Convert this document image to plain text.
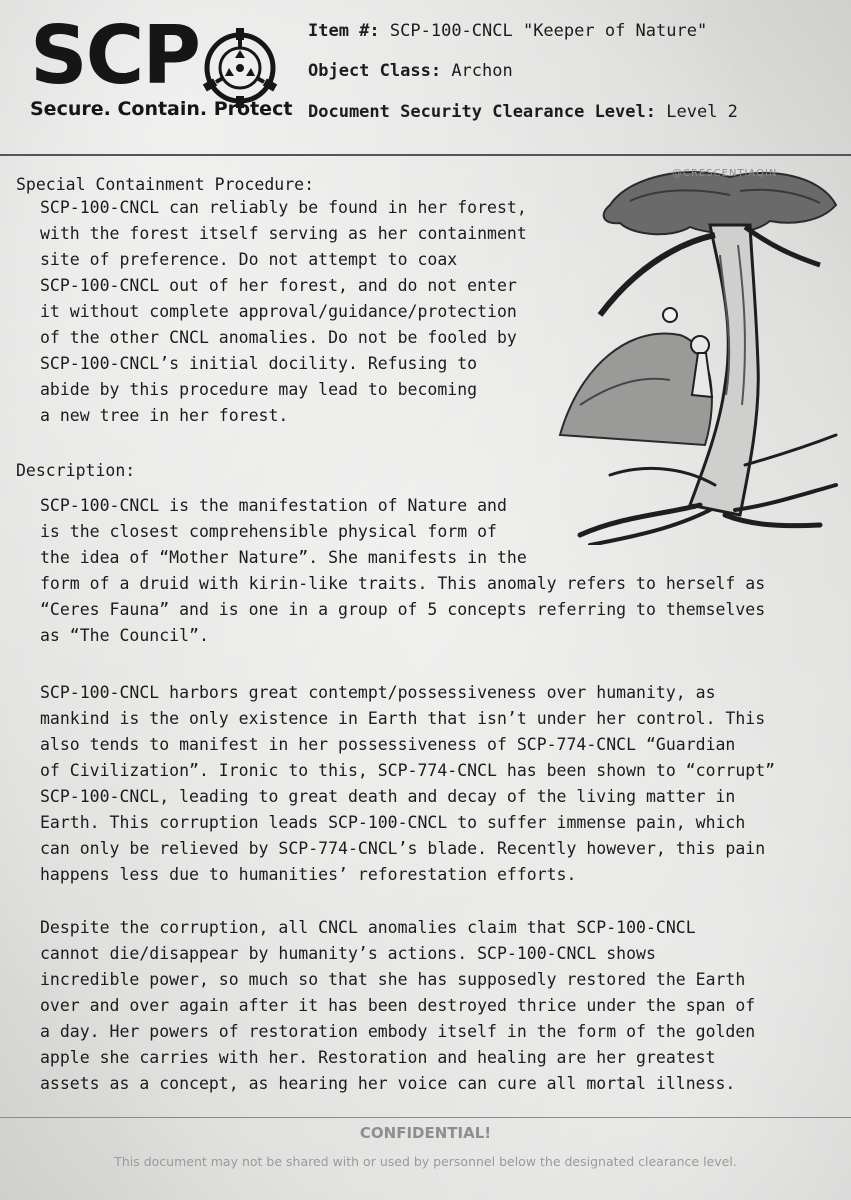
SCP
Secure. Contain. Protect
Item #: SCP-100-CNCL "Keeper of Nature"
Object Class: Archon
Document Security Clearance Level: Level 2
@CRESCENTIAQIN
Special Containment Procedure:
SCP-100-CNCL can reliably be found in her forest,
with the forest itself serving as her containment
site of preference. Do not attempt to coax
SCP-100-CNCL out of her forest, and do not enter
it without complete approval/guidance/protection
of the other CNCL anomalies. Do not be fooled by
SCP-100-CNCL’s initial docility. Refusing to
abide by this procedure may lead to becoming
a new tree in her forest.
Description:
SCP-100-CNCL is the manifestation of Nature and
is the closest comprehensible physical form of
the idea of “Mother Nature”. She manifests in the
form of a druid with kirin-like traits. This anomaly refers to herself as
“Ceres Fauna” and is one in a group of 5 concepts referring to themselves
as “The Council”.
SCP-100-CNCL harbors great contempt/possessiveness over humanity, as
mankind is the only existence in Earth that isn’t under her control. This
also tends to manifest in her possessiveness of SCP-774-CNCL “Guardian
of Civilization”. Ironic to this, SCP-774-CNCL has been shown to “corrupt”
SCP-100-CNCL, leading to great death and decay of the living matter in
Earth. This corruption leads SCP-100-CNCL to suffer immense pain, which
can only be relieved by SCP-774-CNCL’s blade. Recently however, this pain
happens less due to humanities’ reforestation efforts.
Despite the corruption, all CNCL anomalies claim that SCP-100-CNCL
cannot die/disappear by humanity’s actions. SCP-100-CNCL shows
incredible power, so much so that she has supposedly restored the Earth
over and over again after it has been destroyed thrice under the span of
a day. Her powers of restoration embody itself in the form of the golden
apple she carries with her. Restoration and healing are her greatest
assets as a concept, as hearing her voice can cure all mortal illness.
CONFIDENTIAL!
This document may not be shared with or used by personnel below the designated clearance level.
